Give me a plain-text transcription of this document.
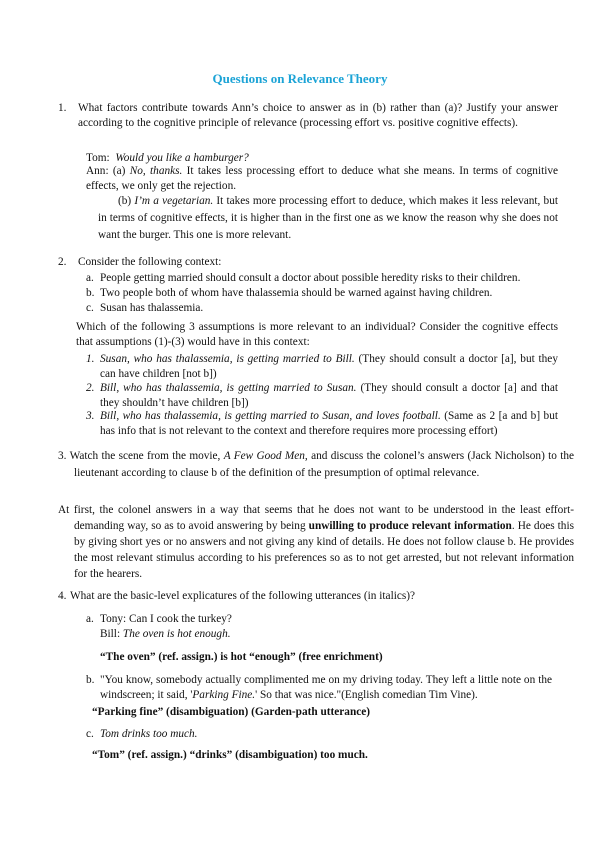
Questions on Relevance Theory
1. What factors contribute towards Ann’s choice to answer as in (b) rather than (a)? Justify your answer according to the cognitive principle of relevance (processing effort vs. positive cognitive effects).

Tom: Would you like a hamburger?

Ann: (a) No, thanks. It takes less processing effort to deduce what she means. In terms of cognitive effects, we only get the rejection.

(b) I’m a vegetarian. It takes more processing effort to deduce, which makes it less relevant, but in terms of cognitive effects, it is higher than in the first one as we know the reason why she does not want the burger. This one is more relevant.

2. Consider the following context:
a. People getting married should consult a doctor about possible heredity risks to their children.
b. Two people both of whom have thalassemia should be warned against having children.
c. Susan has thalassemia.

Which of the following 3 assumptions is more relevant to an individual? Consider the cognitive effects that assumptions (1)-(3) would have in this context:

1. Susan, who has thalassemia, is getting married to Bill. (They should consult a doctor [a], but they can have children [not b])

2. Bill, who has thalassemia, is getting married to Susan. (They should consult a doctor [a] and that they shouldn’t have children [b])

3. Bill, who has thalassemia, is getting married to Susan, and loves football. (Same as 2 [a and b] but has info that is not relevant to the context and therefore requires more processing effort)

3. Watch the scene from the movie, A Few Good Men, and discuss the colonel’s answers (Jack Nicholson) to the lieutenant according to clause b of the definition of the presumption of optimal relevance.

At first, the colonel answers in a way that seems that he does not want to be understood in the least effort-demanding way, so as to avoid answering by being unwilling to produce relevant information. He does this by giving short yes or no answers and not giving any kind of details. He does not follow clause b. He provides the most relevant stimulus according to his preferences so as to not get arrested, but not relevant information for the hearers.

4. What are the basic-level explicatures of the following utterances (in italics)?
a. Tony: Can I cook the turkey?
Bill: The oven is hot enough.
“The oven” (ref. assign.) is hot “enough” (free enrichment)
b. "You know, somebody actually complimented me on my driving today. They left a little note on the windscreen; it said, 'Parking Fine.' So that was nice."(English comedian Tim Vine).

“Parking fine” (disambiguation) (Garden-path utterance)
c. Tom drinks too much.
“Tom” (ref. assign.) “drinks” (disambiguation) too much.
